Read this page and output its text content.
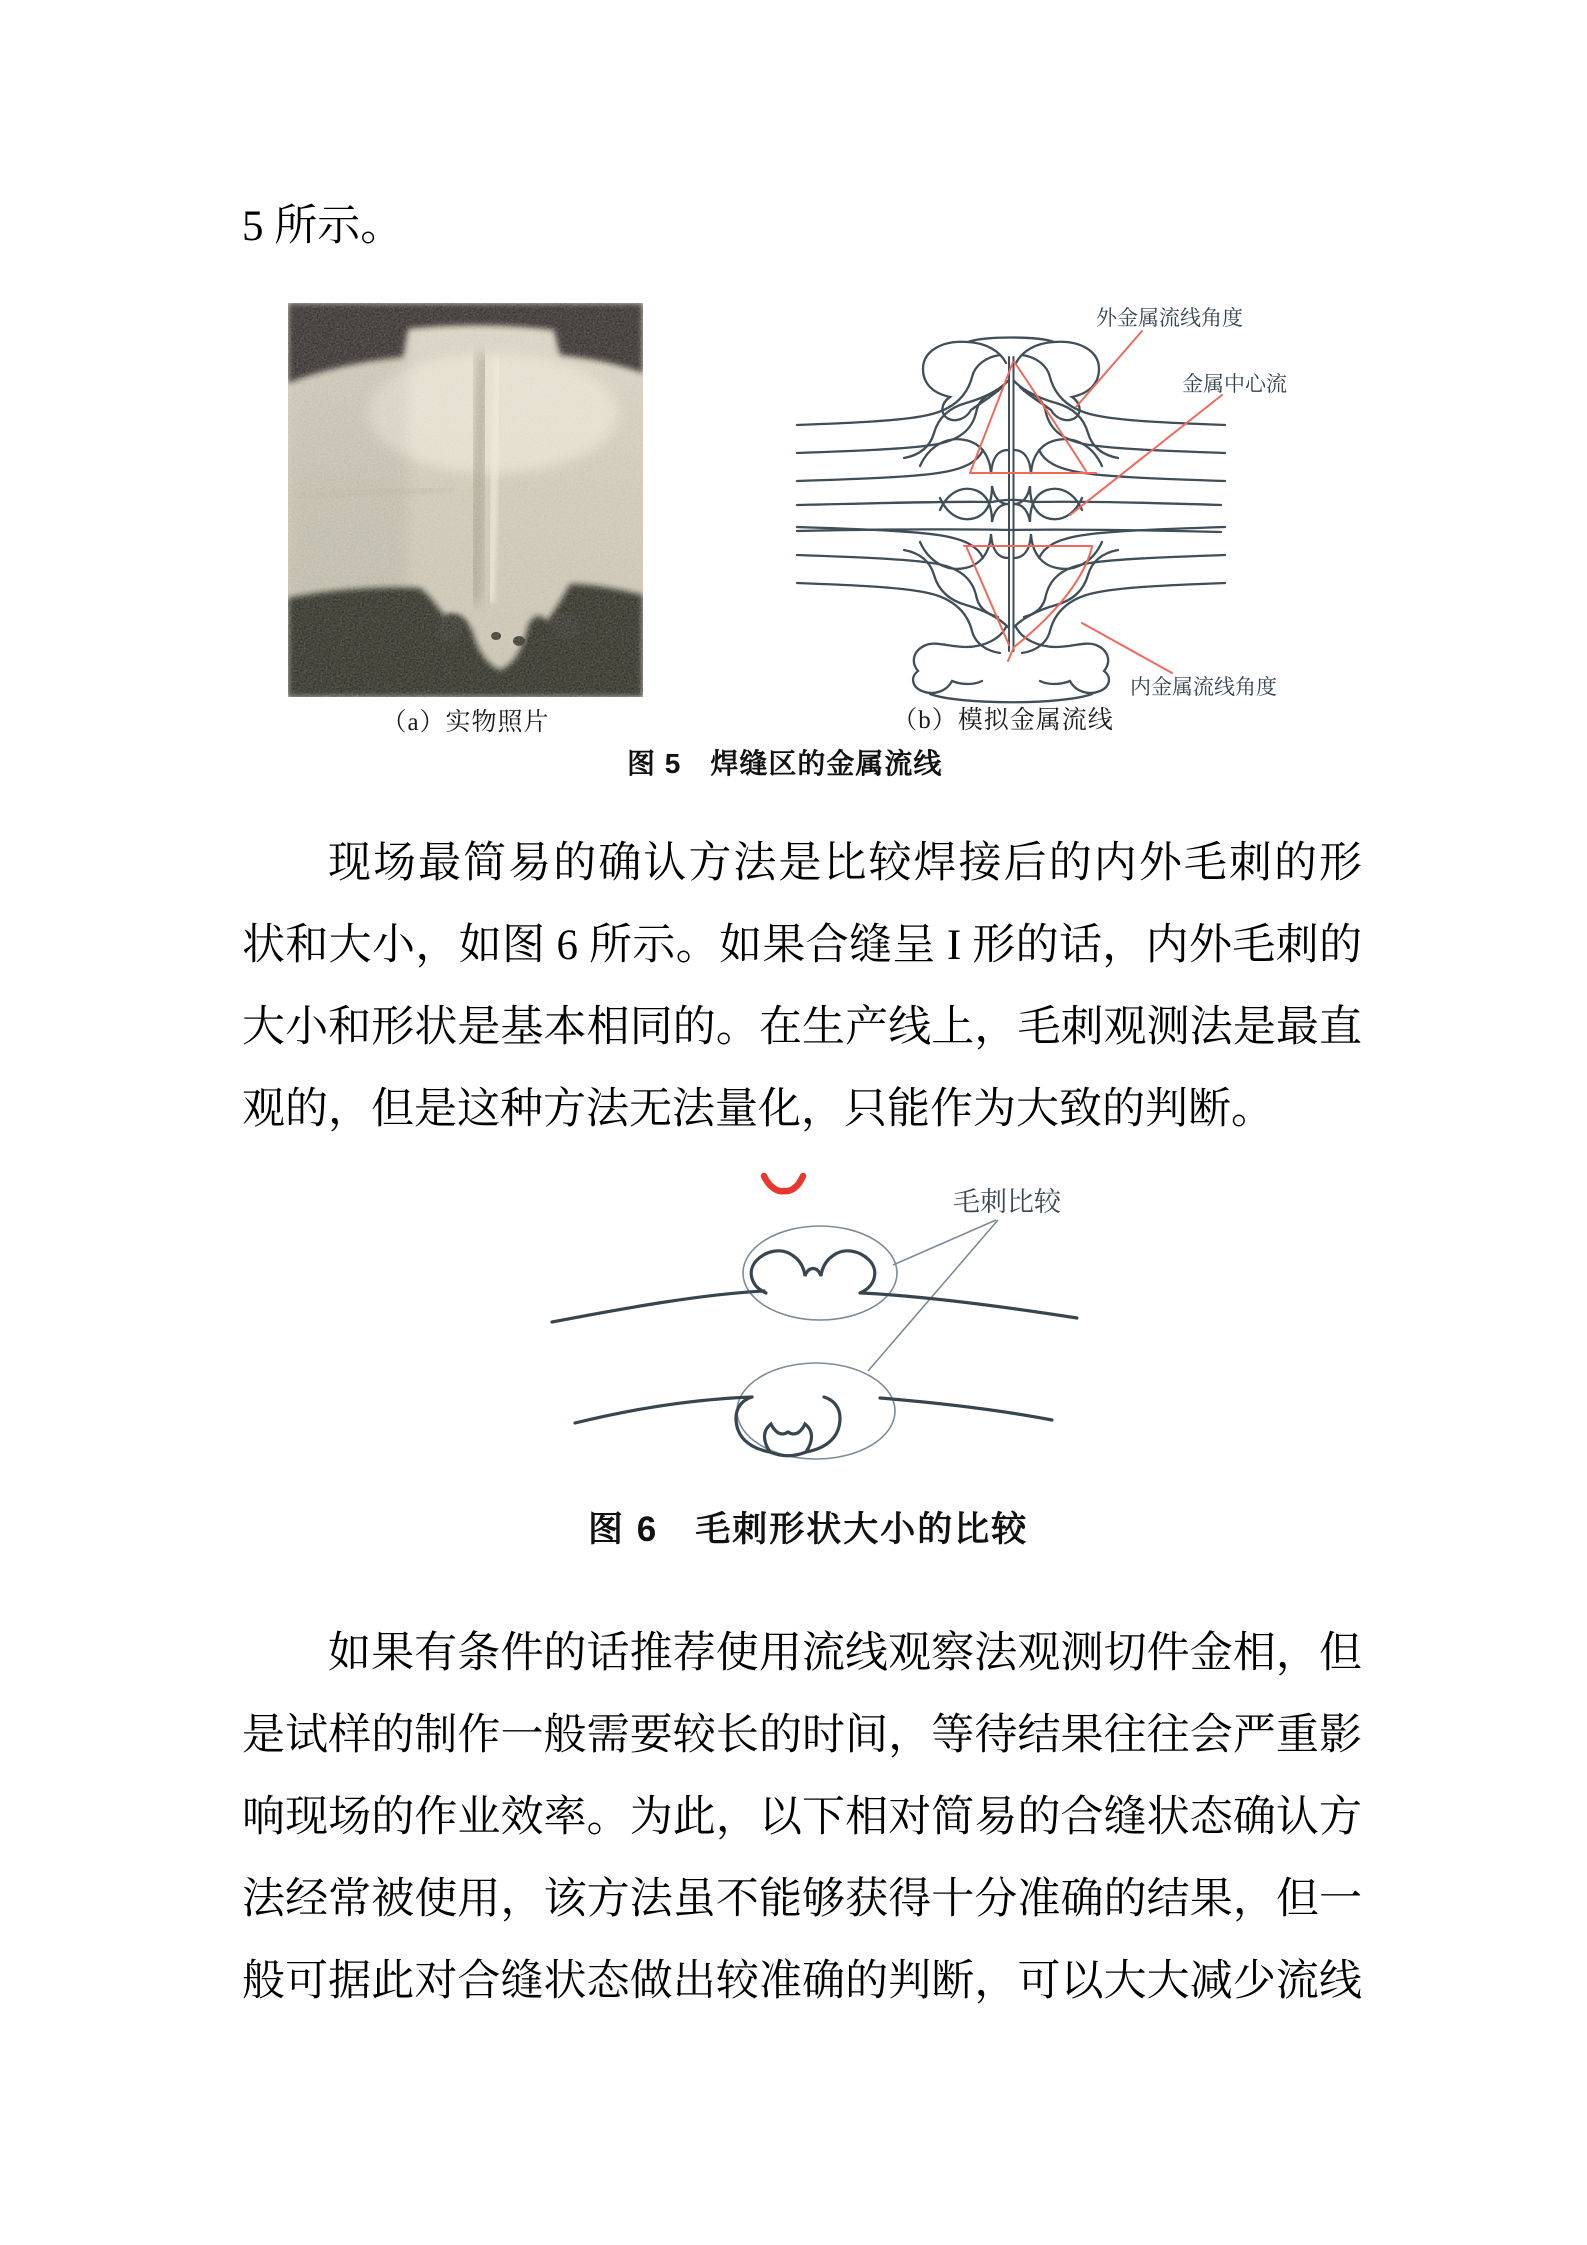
5 所示。
（a）实物照片
外金属流线角度
金属中心流
内金属流线角度
（b）模拟金属流线
图 5　焊缝区的金属流线
现场最简易的确认方法是比较焊接后的内外毛刺的形
状和大小，如图 6 所示。如果合缝呈 I 形的话，内外毛刺的
大小和形状是基本相同的。在生产线上，毛刺观测法是最直
观的，但是这种方法无法量化，只能作为大致的判断。
毛刺比较
图 6　毛刺形状大小的比较
如果有条件的话推荐使用流线观察法观测切件金相，但
是试样的制作一般需要较长的时间，等待结果往往会严重影
响现场的作业效率。为此，以下相对简易的合缝状态确认方
法经常被使用，该方法虽不能够获得十分准确的结果，但一
般可据此对合缝状态做出较准确的判断，可以大大减少流线
